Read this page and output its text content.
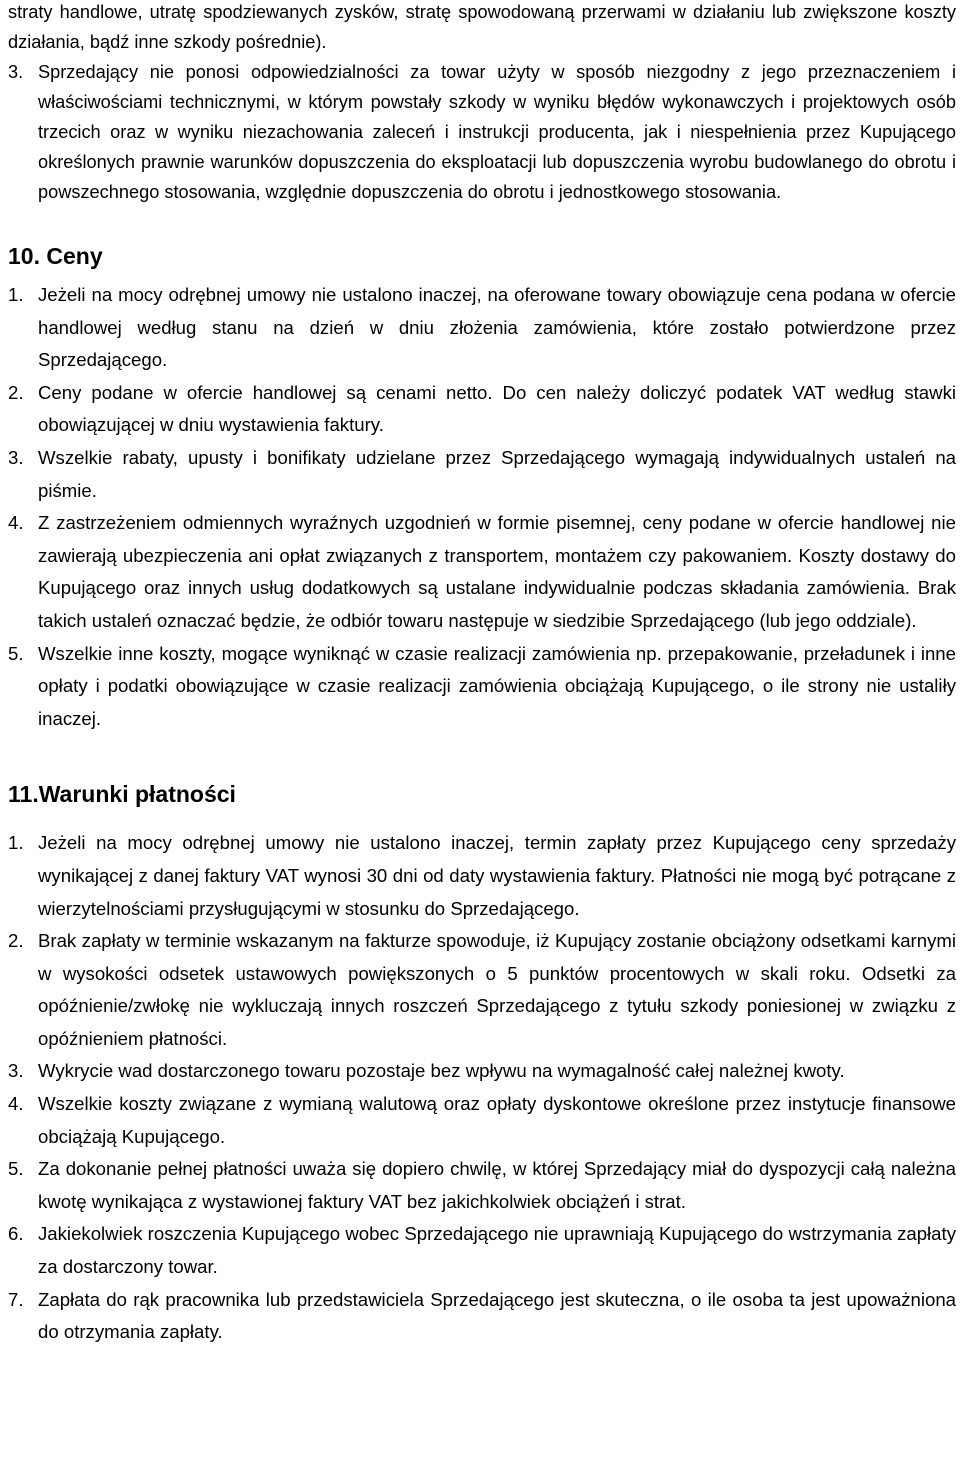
straty handlowe, utratę spodziewanych zysków, stratę spowodowaną przerwami w działaniu lub zwiększone koszty działania, bądź inne szkody pośrednie).

3. Sprzedający nie ponosi odpowiedzialności za towar użyty w sposób niezgodny z jego przeznaczeniem i właściwościami technicznymi, w którym powstały szkody w wyniku błędów wykonawczych i projektowych osób trzecich oraz w wyniku niezachowania zaleceń i instrukcji producenta, jak i niespełnienia przez Kupującego określonych prawnie warunków dopuszczenia do eksploatacji lub dopuszczenia wyrobu budowlanego do obrotu i powszechnego stosowania, względnie dopuszczenia do obrotu i jednostkowego stosowania.
10. Ceny
1. Jeżeli na mocy odrębnej umowy nie ustalono inaczej, na oferowane towary obowiązuje cena podana w ofercie handlowej według stanu na dzień w dniu złożenia zamówienia, które zostało potwierdzone przez Sprzedającego.
2. Ceny podane w ofercie handlowej są cenami netto. Do cen należy doliczyć podatek VAT według stawki obowiązującej w dniu wystawienia faktury.
3. Wszelkie rabaty, upusty i bonifikaty udzielane przez Sprzedającego wymagają indywidualnych ustaleń na piśmie.
4. Z zastrzeżeniem odmiennych wyraźnych uzgodnień w formie pisemnej, ceny podane w ofercie handlowej nie zawierają ubezpieczenia ani opłat związanych z transportem, montażem czy pakowaniem. Koszty dostawy do Kupującego oraz innych usług dodatkowych są ustalane indywidualnie podczas składania zamówienia. Brak takich ustaleń oznaczać będzie, że odbiór towaru następuje w siedzibie Sprzedającego (lub jego oddziale).
5. Wszelkie inne koszty, mogące wyniknąć w czasie realizacji zamówienia np. przepakowanie, przeładunek i inne opłaty i podatki obowiązujące w czasie realizacji zamówienia obciążają Kupującego, o ile strony nie ustaliły inaczej.
11.Warunki płatności
1. Jeżeli na mocy odrębnej umowy nie ustalono inaczej, termin zapłaty przez Kupującego ceny sprzedaży wynikającej z danej faktury VAT wynosi 30 dni od daty wystawienia faktury. Płatności nie mogą być potrącane z wierzytelnościami przysługującymi w stosunku do Sprzedającego.
2. Brak zapłaty w terminie wskazanym na fakturze spowoduje, iż Kupujący zostanie obciążony odsetkami karnymi w wysokości odsetek ustawowych powiększonych o 5 punktów procentowych w skali roku. Odsetki za opóźnienie/zwłokę nie wykluczają innych roszczeń Sprzedającego z tytułu szkody poniesionej w związku z opóźnieniem płatności.
3. Wykrycie wad dostarczonego towaru pozostaje bez wpływu na wymagalność całej należnej kwoty.
4. Wszelkie koszty związane z wymianą walutową oraz opłaty dyskontowe określone przez instytucje finansowe obciążają Kupującego.
5. Za dokonanie pełnej płatności uważa się dopiero chwilę, w której Sprzedający miał do dyspozycji całą należna kwotę wynikająca z wystawionej faktury VAT bez jakichkolwiek obciążeń i strat.
6. Jakiekolwiek roszczenia Kupującego wobec Sprzedającego nie uprawniają Kupującego do wstrzymania zapłaty za dostarczony towar.
7. Zapłata do rąk pracownika lub przedstawiciela Sprzedającego jest skuteczna, o ile osoba ta jest upoważniona do otrzymania zapłaty.
